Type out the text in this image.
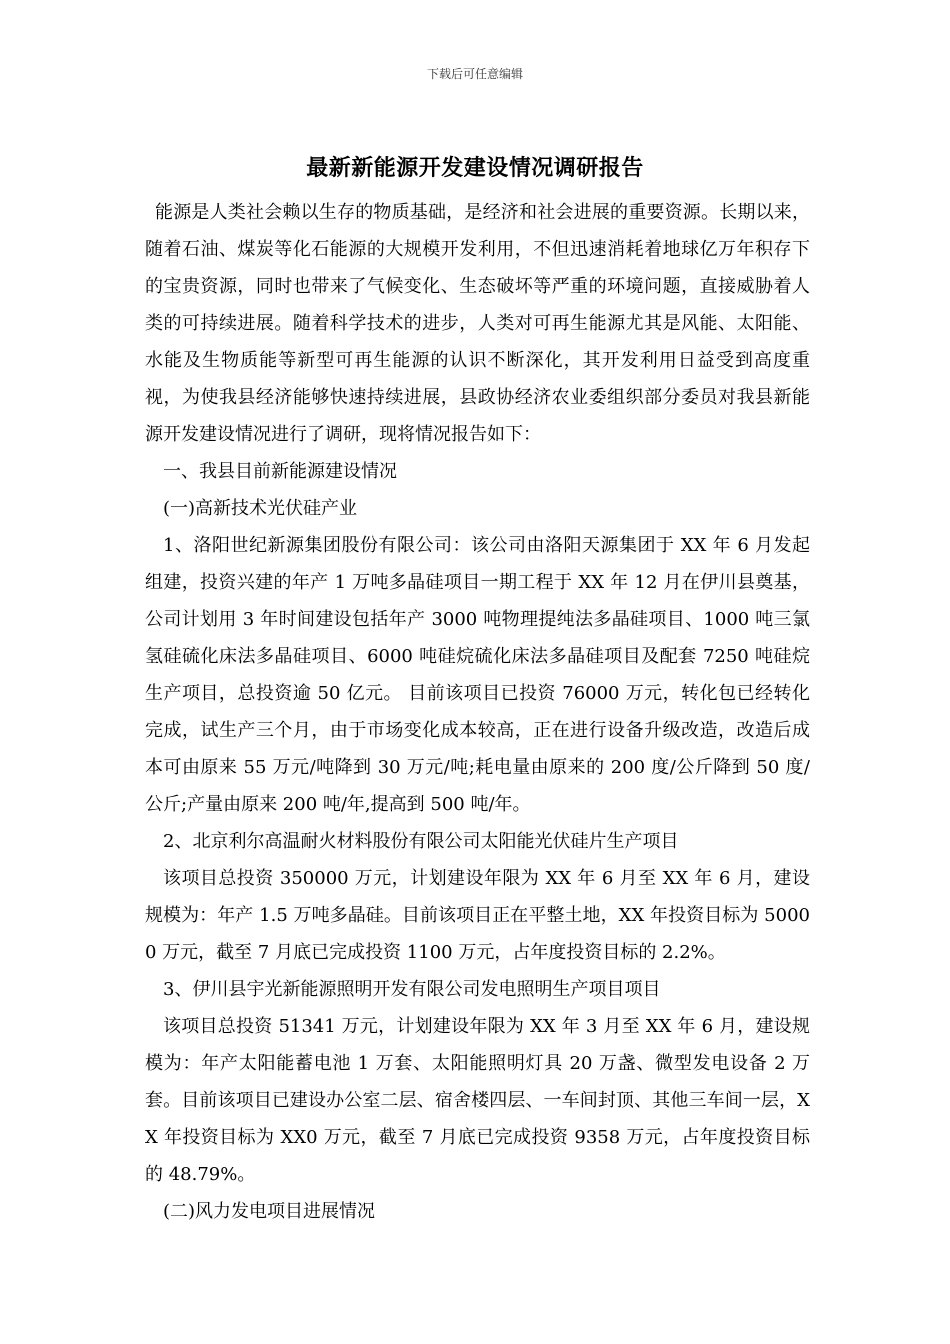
下载后可任意编辑
最新新能源开发建设情况调研报告

能源是人类社会赖以生存的物质基础，是经济和社会进展的重要资源。长期以来，随着石油、煤炭等化石能源的大规模开发利用，不但迅速消耗着地球亿万年积存下的宝贵资源，同时也带来了气候变化、生态破坏等严重的环境问题，直接威胁着人类的可持续进展。随着科学技术的进步，人类对可再生能源尤其是风能、太阳能、水能及生物质能等新型可再生能源的认识不断深化，其开发利用日益受到高度重视，为使我县经济能够快速持续进展，县政协经济农业委组织部分委员对我县新能源开发建设情况进行了调研，现将情况报告如下：

一、我县目前新能源建设情况

(一)高新技术光伏硅产业

1、洛阳世纪新源集团股份有限公司：该公司由洛阳天源集团于 XX 年 6 月发起组建，投资兴建的年产 1 万吨多晶硅项目一期工程于 XX 年 12 月在伊川县奠基，公司计划用 3 年时间建设包括年产 3000 吨物理提纯法多晶硅项目、1000 吨三氯氢硅硫化床法多晶硅项目、6000 吨硅烷硫化床法多晶硅项目及配套 7250 吨硅烷生产项目，总投资逾 50 亿元。 目前该项目已投资 76000 万元，转化包已经转化完成，试生产三个月，由于市场变化成本较高，正在进行设备升级改造，改造后成本可由原来 55 万元/吨降到 30 万元/吨;耗电量由原来的 200 度/公斤降到 50 度/公斤;产量由原来 200 吨/年,提高到 500 吨/年。

2、北京利尔高温耐火材料股份有限公司太阳能光伏硅片生产项目

该项目总投资 350000 万元，计划建设年限为 XX 年 6 月至 XX 年 6 月，建设规模为：年产 1.5 万吨多晶硅。目前该项目正在平整土地，XX 年投资目标为 50000 万元，截至 7 月底已完成投资 1100 万元，占年度投资目标的 2.2%。

3、伊川县宇光新能源照明开发有限公司发电照明生产项目项目

该项目总投资 51341 万元，计划建设年限为 XX 年 3 月至 XX 年 6 月，建设规模为：年产太阳能蓄电池 1 万套、太阳能照明灯具 20 万盏、微型发电设备 2 万套。目前该项目已建设办公室二层、宿舍楼四层、一车间封顶、其他三车间一层，XX 年投资目标为 XX0 万元，截至 7 月底已完成投资 9358 万元，占年度投资目标的 48.79%。

(二)风力发电项目进展情况
